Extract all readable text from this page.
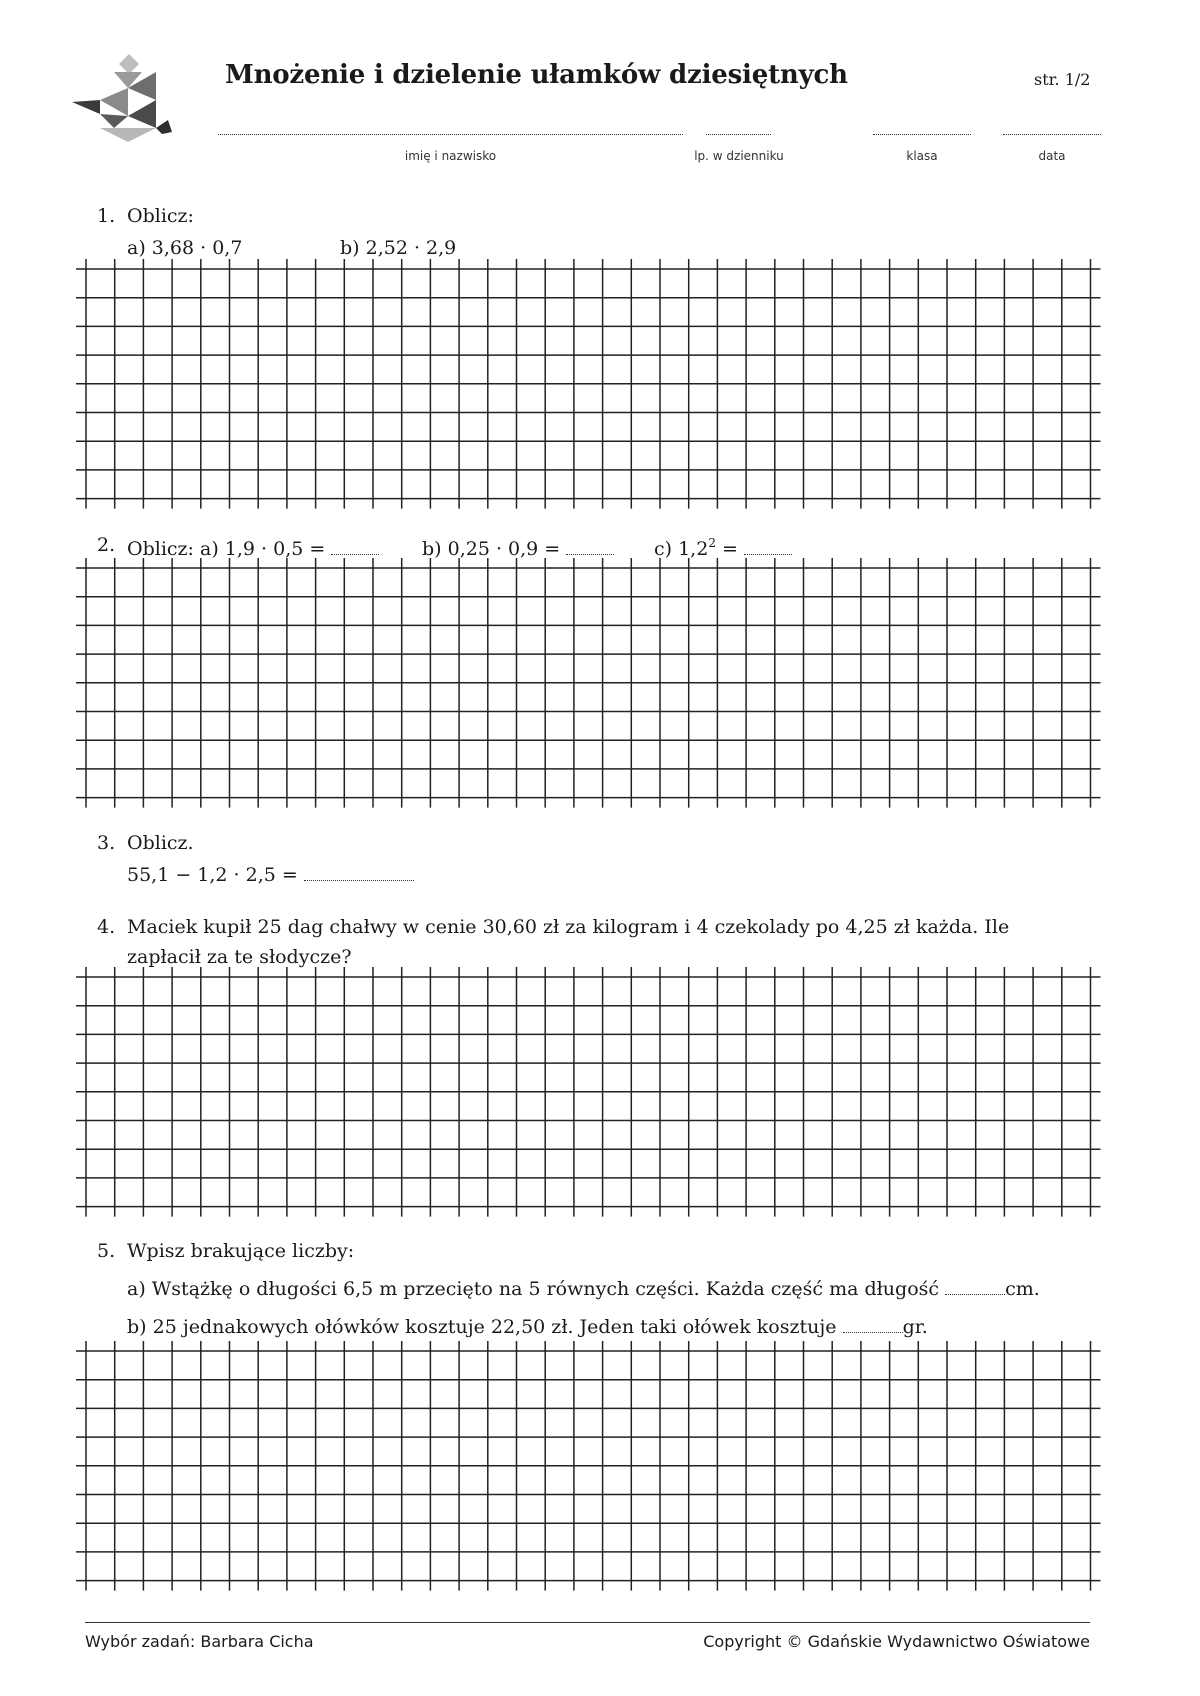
Mnożenie i dzielenie ułamków dziesiętnych	str. 1/2
imię i nazwisko	lp. w dzienniku	klasa	data
1. Oblicz:
a) 3,68 · 0,7	b) 2,52 · 2,9
2. Oblicz: a) 1,9 · 0,5 =	b) 0,25 · 0,9 =	c) $1,2^2$ =
3. Oblicz.
55,1 − 1,2 · 2,5 =
4. Maciek kupił 25 dag chałwy w cenie 30,60 zł za kilogram i 4 czekolady po 4,25 zł każda. Ile
zapłacił za te słodycze?
5. Wpisz brakujące liczby:
a) Wstążkę o długości 6,5 m przecięto na 5 równych części. Każda część ma długość	cm.
b) 25 jednakowych ołówków kosztuje 22,50 zł. Jeden taki ołówek kosztuje	gr.
Wybór zadań: Barbara Cicha	Copyright © Gdańskie Wydawnictwo Oświatowe
